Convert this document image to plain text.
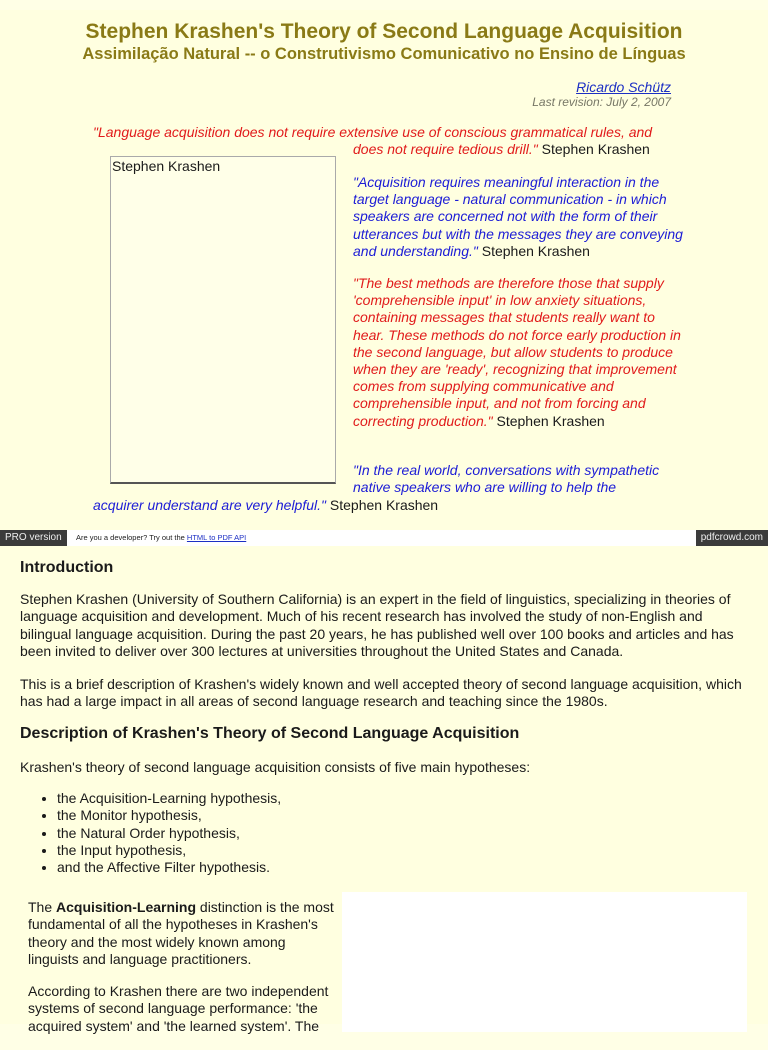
Stephen Krashen's Theory of Second Language Acquisition
Assimilação Natural -- o Construtivismo Comunicativo no Ensino de Línguas
Ricardo Schütz
Last revision: July 2, 2007
"Language acquisition does not require extensive use of conscious grammatical rules, and
does not require tedious drill." Stephen Krashen
Stephen Krashen
"Acquisition requires meaningful interaction in the target language - natural communication - in which speakers are concerned not with the form of their utterances but with the messages they are conveying and understanding." Stephen Krashen
"The best methods are therefore those that supply 'comprehensible input' in low anxiety situations, containing messages that students really want to hear. These methods do not force early production in the second language, but allow students to produce when they are 'ready', recognizing that improvement comes from supplying communicative and comprehensible input, and not from forcing and correcting production." Stephen Krashen
"In the real world, conversations with sympathetic native speakers who are willing to help the
acquirer understand are very helpful." Stephen Krashen
PRO version	Are you a developer? Try out the HTML to PDF API	pdfcrowd.com
Introduction
Stephen Krashen (University of Southern California) is an expert in the field of linguistics, specializing in theories of language acquisition and development. Much of his recent research has involved the study of non-English and bilingual language acquisition. During the past 20 years, he has published well over 100 books and articles and has been invited to deliver over 300 lectures at universities throughout the United States and Canada.
This is a brief description of Krashen's widely known and well accepted theory of second language acquisition, which has had a large impact in all areas of second language research and teaching since the 1980s.
Description of Krashen's Theory of Second Language Acquisition
Krashen's theory of second language acquisition consists of five main hypotheses:
• the Acquisition-Learning hypothesis,
• the Monitor hypothesis,
• the Natural Order hypothesis,
• the Input hypothesis,
• and the Affective Filter hypothesis.

The Acquisition-Learning distinction is the most fundamental of all the hypotheses in Krashen's theory and the most widely known among linguists and language practitioners.

According to Krashen there are two independent systems of second language performance: 'the acquired system' and 'the learned system'. The
